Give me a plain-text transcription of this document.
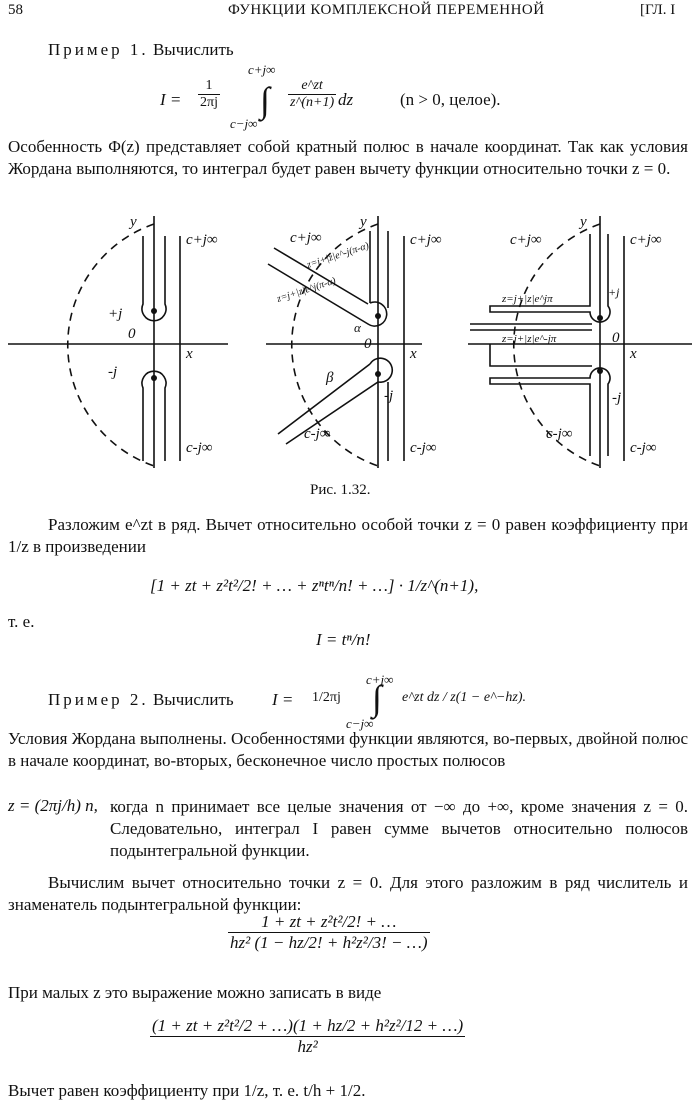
58	ФУНКЦИИ КОМПЛЕКСНОЙ ПЕРЕМЕННОЙ	[ГЛ. I
Пример 1. Вычислить
$I = \frac{1}{2\pi j}$
c+j∞
∫
c−j∞
$\frac{e\^{}zt}{z\^{}(n+1)}$ dz	(n > 0, целое).
Особенность Φ(z) представляет собой кратный полюс в начале координат. Так как условия Жордана выполняются, то интеграл будет равен вычету функции относительно точки z = 0.
y
c+j∞
+j
0
x
-j
c-j∞
y
c+j∞	c+j∞
z=j+|z|e^-j(π-α)
z=j+|z|e^j(π-α)
α
0
x
β
-j
c-j∞
c-j∞
y
c+j∞	c+j∞
z=j+|z|e^jπ	+j
z=j+|z|e^-jπ	0
x
-j
c-j∞
c-j∞
Рис. 1.32.
Разложим e^zt в ряд. Вычет относительно особой точки z = 0 равен коэффициенту при 1/z в произведении
[1 + zt + z²t²/2! + … + zⁿtⁿ/n! + …] · 1/z^(n+1),
т. е.
I = tⁿ/n!
Пример 2. Вычислить I = 1/2πj
c+j∞
∫
c−j∞
e^zt dz / z(1 − e^−hz).
Условия Жордана выполнены. Особенностями функции являются, во-первых, двойной полюс в начале координат, во-вторых, бесконечное число простых полюсов
z = (2πj/h) n, когда n принимает все целые значения от −∞ до +∞, кроме значения z = 0. Следовательно, интеграл I равен сумме вычетов относительно полюсов подынтегральной функции.
Вычислим вычет относительно точки z = 0. Для этого разложим в ряд числитель и знаменатель подынтегральной функции:
$\frac{\text{1 + zt + z²t²/2! + …}}{\text{hz² (1 − hz/2! + h²z²/3! − …)}}$
При малых z это выражение можно записать в виде
$\frac{\text{(1 + zt + z²t²/2 + …)(1 + hz/2 + h²z²/12 + …)}}{\text{hz²}}$
Вычет равен коэффициенту при 1/z, т. е. t/h + 1/2.
